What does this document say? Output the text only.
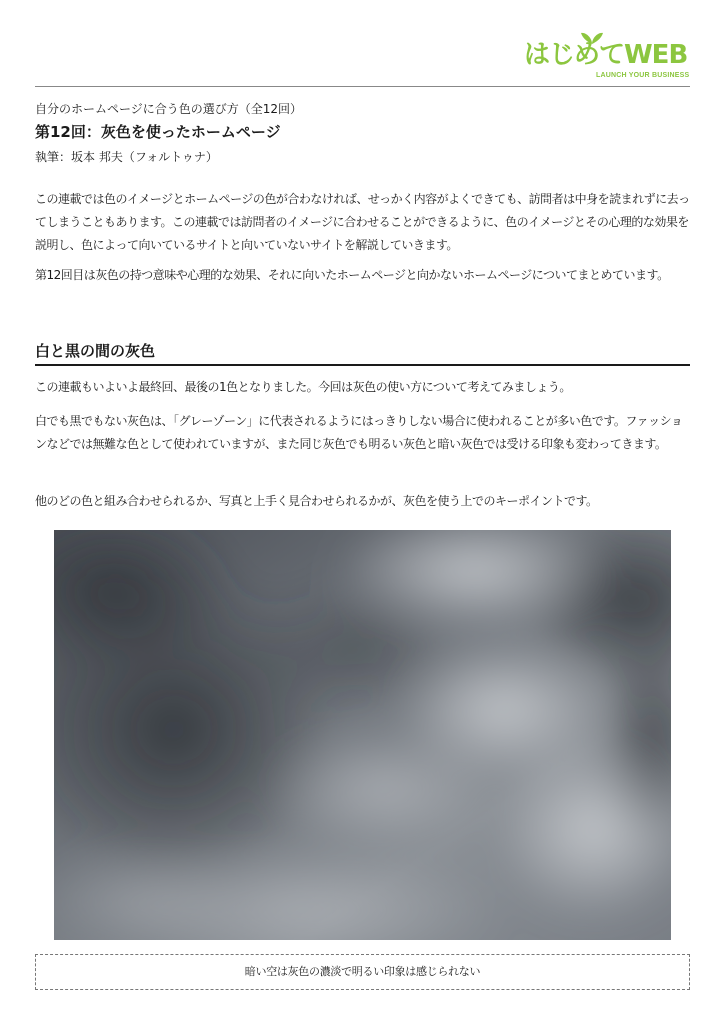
はじめてWEB
LAUNCH YOUR BUSINESS
自分のホームページに合う色の選び方（全12回）
第12回：灰色を使ったホームページ
執筆：坂本 邦夫（フォルトゥナ）

この連載では色のイメージとホームページの色が合わなければ、せっかく内容がよくできても、訪問者は中身を読まれずに去ってしまうこともあります。この連載では訪問者のイメージに合わせることができるように、色のイメージとその心理的な効果を説明し、色によって向いているサイトと向いていないサイトを解説していきます。

第12回目は灰色の持つ意味や心理的な効果、それに向いたホームページと向かないホームページについてまとめています。

白と黒の間の灰色

この連載もいよいよ最終回、最後の1色となりました。今回は灰色の使い方について考えてみましょう。

白でも黒でもない灰色は、「グレーゾーン」に代表されるようにはっきりしない場合に使われることが多い色です。ファッションなどでは無難な色として使われていますが、また同じ灰色でも明るい灰色と暗い灰色では受ける印象も変わってきます。

他のどの色と組み合わせられるか、写真と上手く見合わせられるかが、灰色を使う上でのキーポイントです。

暗い空は灰色の濃淡で明るい印象は感じられない
